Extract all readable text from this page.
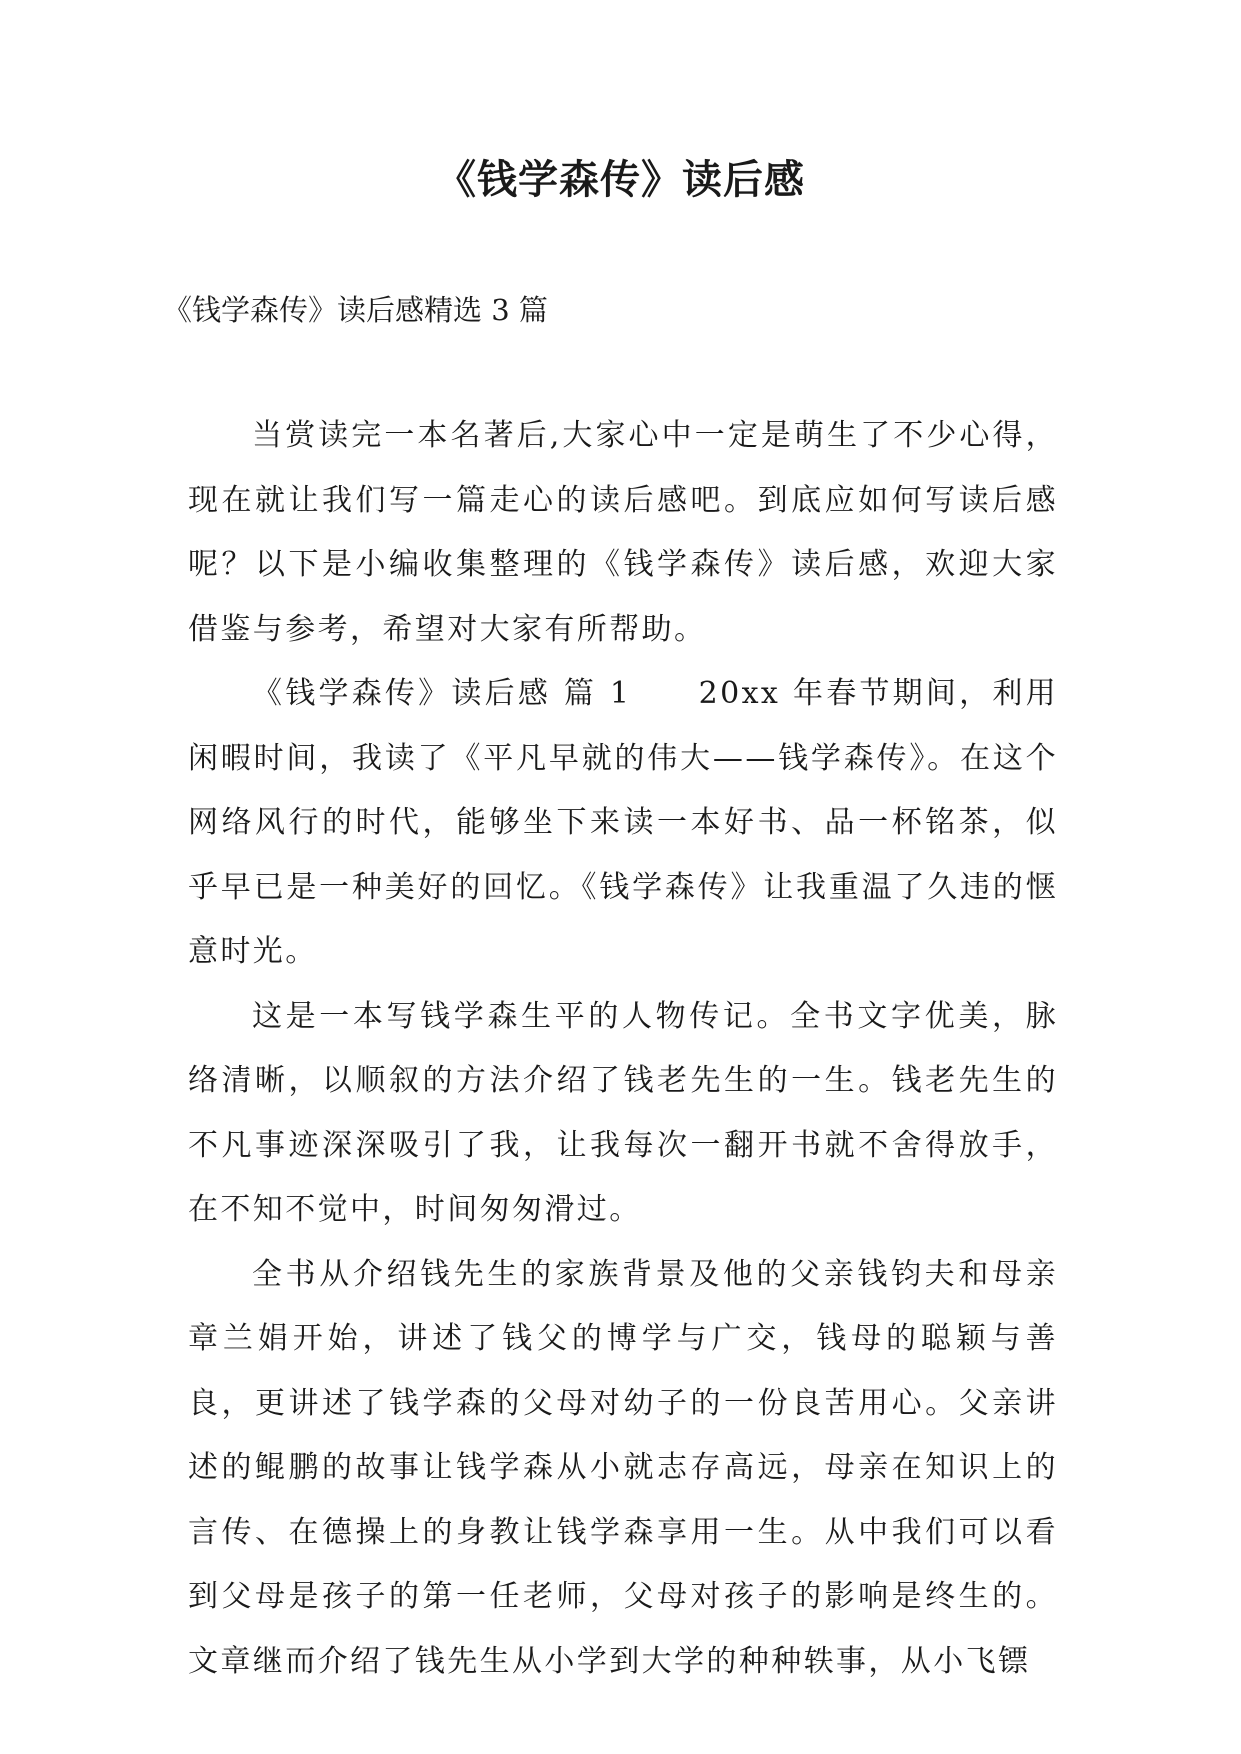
《钱学森传》读后感

《钱学森传》读后感精选 3 篇

当赏读完一本名著后,大家心中一定是萌生了不少心得，现在就让我们写一篇走心的读后感吧。到底应如何写读后感呢？以下是小编收集整理的《钱学森传》读后感，欢迎大家借鉴与参考，希望对大家有所帮助。

《钱学森传》读后感 篇 1　　20xx 年春节期间，利用闲暇时间，我读了《平凡早就的伟大——钱学森传》。在这个网络风行的时代，能够坐下来读一本好书、品一杯铭茶，似乎早已是一种美好的回忆。《钱学森传》让我重温了久违的惬意时光。

这是一本写钱学森生平的人物传记。全书文字优美，脉络清晰，以顺叙的方法介绍了钱老先生的一生。钱老先生的不凡事迹深深吸引了我，让我每次一翻开书就不舍得放手，在不知不觉中，时间匆匆滑过。

全书从介绍钱先生的家族背景及他的父亲钱钧夫和母亲章兰娟开始，讲述了钱父的博学与广交，钱母的聪颖与善良，更讲述了钱学森的父母对幼子的一份良苦用心。父亲讲述的鲲鹏的故事让钱学森从小就志存高远，母亲在知识上的言传、在德操上的身教让钱学森享用一生。从中我们可以看到父母是孩子的第一任老师，父母对孩子的影响是终生的。文章继而介绍了钱先生从小学到大学的种种轶事，从小飞镖
